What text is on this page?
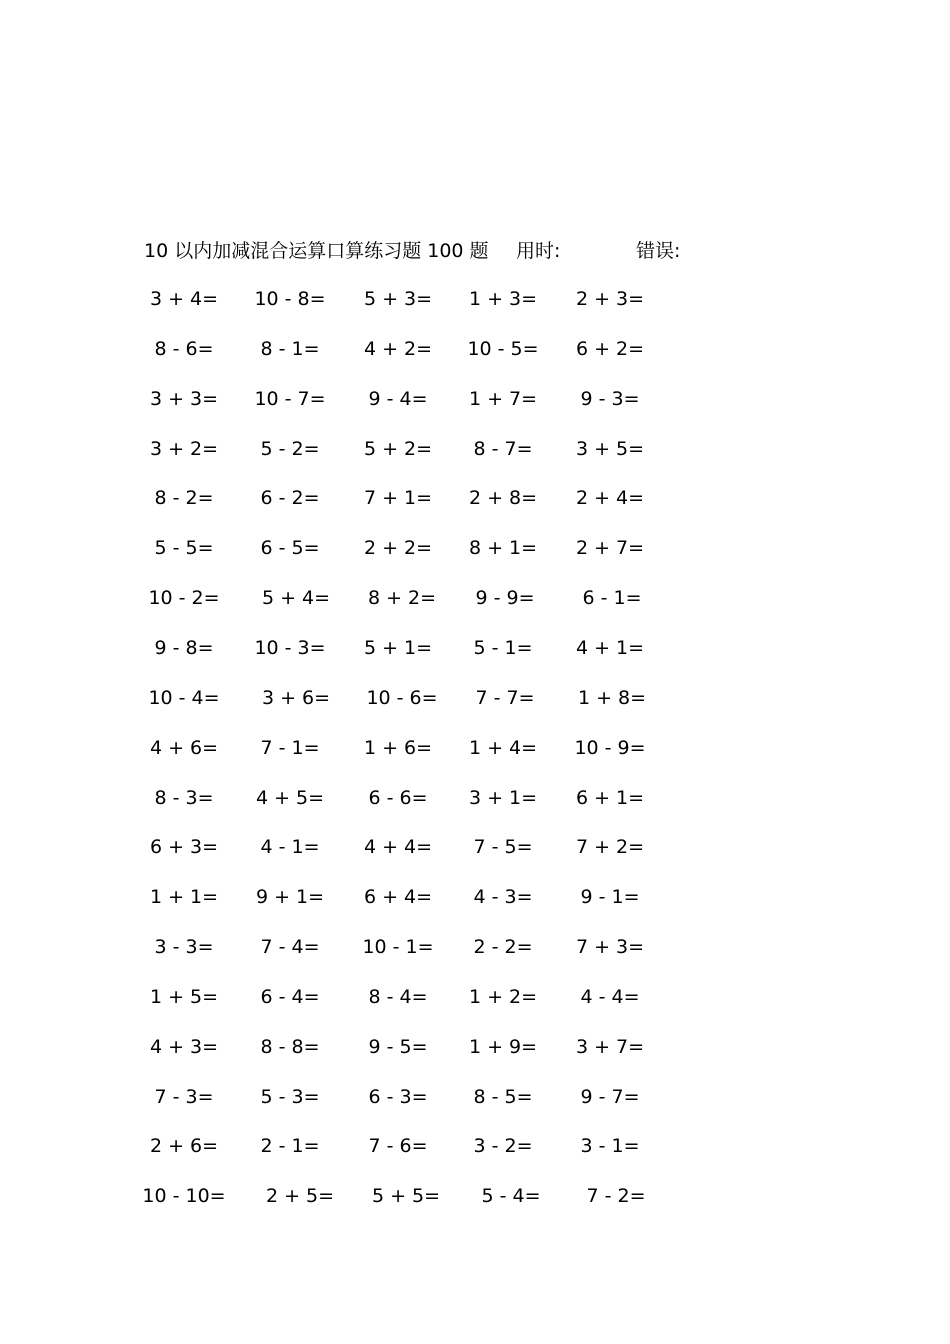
10 以内加减混合运算口算练习题 100 题 用时:	错误:
3 + 4=	10 - 8=	5 + 3=	1 + 3=	2 + 3=
8 - 6=	8 - 1=	4 + 2=	10 - 5=	6 + 2=
3 + 3=	10 - 7=	9 - 4=	1 + 7=	9 - 3=
3 + 2=	5 - 2=	5 + 2=	8 - 7=	3 + 5=
8 - 2=	6 - 2=	7 + 1=	2 + 8=	2 + 4=
5 - 5=	6 - 5=	2 + 2=	8 + 1=	2 + 7=
10 - 2=	5 + 4=	8 + 2=	9 - 9=	6 - 1=
9 - 8=	10 - 3=	5 + 1=	5 - 1=	4 + 1=
10 - 4=	3 + 6=	10 - 6=	7 - 7=	1 + 8=
4 + 6=	7 - 1=	1 + 6=	1 + 4=	10 - 9=
8 - 3=	4 + 5=	6 - 6=	3 + 1=	6 + 1=
6 + 3=	4 - 1=	4 + 4=	7 - 5=	7 + 2=
1 + 1=	9 + 1=	6 + 4=	4 - 3=	9 - 1=
3 - 3=	7 - 4=	10 - 1=	2 - 2=	7 + 3=
1 + 5=	6 - 4=	8 - 4=	1 + 2=	4 - 4=
4 + 3=	8 - 8=	9 - 5=	1 + 9=	3 + 7=
7 - 3=	5 - 3=	6 - 3=	8 - 5=	9 - 7=
2 + 6=	2 - 1=	7 - 6=	3 - 2=	3 - 1=
10 - 10=	2 + 5=	5 + 5=	5 - 4=	7 - 2=
